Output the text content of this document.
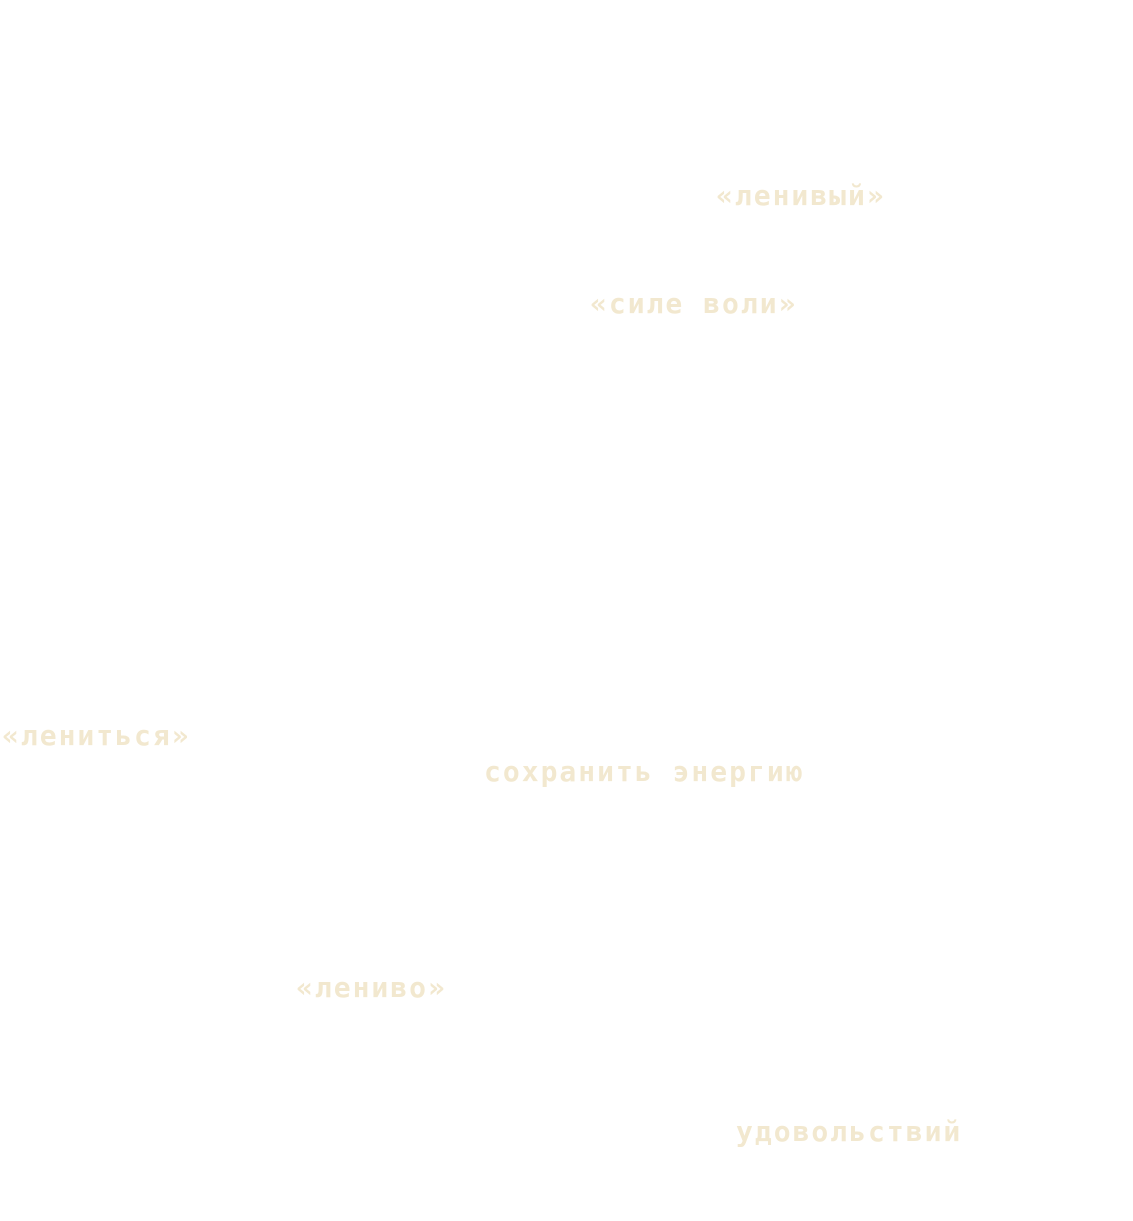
«ленивый»

«силе воли»

«лениться»

сохранить энергию

«лениво»

удовольствий
